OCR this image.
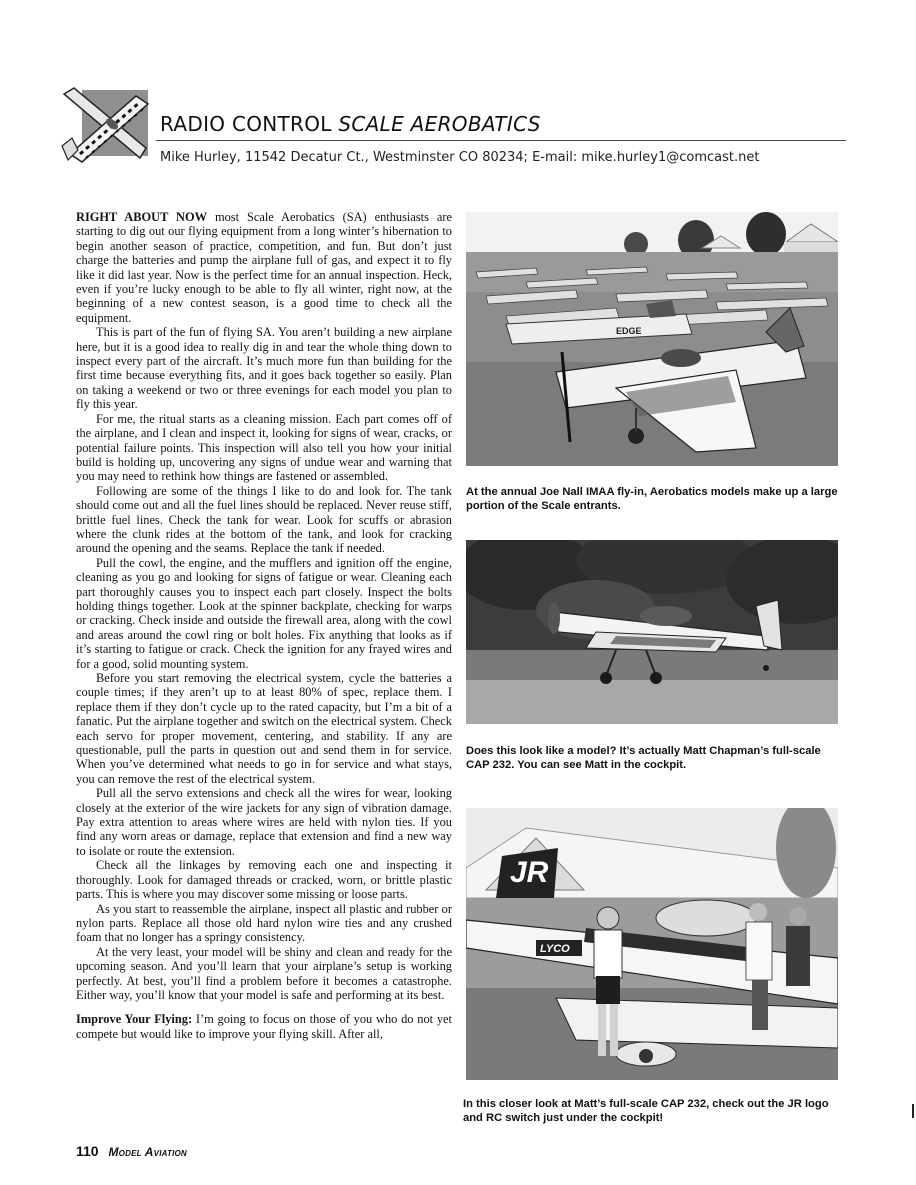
RADIO CONTROL SCALE AEROBATICS
Mike Hurley, 11542 Decatur Ct., Westminster CO 80234; E-mail: mike.hurley1@comcast.net

RIGHT ABOUT NOW most Scale Aerobatics (SA) enthusiasts are starting to dig out our flying equipment from a long winter’s hibernation to begin another season of practice, competition, and fun. But don’t just charge the batteries and pump the airplane full of gas, and expect it to fly like it did last year. Now is the perfect time for an annual inspection. Heck, even if you’re lucky enough to be able to fly all winter, right now, at the beginning of a new contest season, is a good time to check all the equipment.

This is part of the fun of flying SA. You aren’t building a new airplane here, but it is a good idea to really dig in and tear the whole thing down to inspect every part of the aircraft. It’s much more fun than building for the first time because everything fits, and it goes back together so easily. Plan on taking a weekend or two or three evenings for each model you plan to fly this year.

For me, the ritual starts as a cleaning mission. Each part comes off of the airplane, and I clean and inspect it, looking for signs of wear, cracks, or potential failure points. This inspection will also tell you how your initial build is holding up, uncovering any signs of undue wear and warning that you may need to rethink how things are fastened or assembled.

Following are some of the things I like to do and look for. The tank should come out and all the fuel lines should be replaced. Never reuse stiff, brittle fuel lines. Check the tank for wear. Look for scuffs or abrasion where the clunk rides at the bottom of the tank, and look for cracking around the opening and the seams. Replace the tank if needed.

Pull the cowl, the engine, and the mufflers and ignition off the engine, cleaning as you go and looking for signs of fatigue or wear. Cleaning each part thoroughly causes you to inspect each part closely. Inspect the bolts holding things together. Look at the spinner backplate, checking for warps or cracking. Check inside and outside the firewall area, along with the cowl and areas around the cowl ring or bolt holes. Fix anything that looks as if it’s starting to fatigue or crack. Check the ignition for any frayed wires and for a good, solid mounting system.

Before you start removing the electrical system, cycle the batteries a couple times; if they aren’t up to at least 80% of spec, replace them. I replace them if they don’t cycle up to the rated capacity, but I’m a bit of a fanatic. Put the airplane together and switch on the electrical system. Check each servo for proper movement, centering, and stability. If any are questionable, pull the parts in question out and send them in for service. When you’ve determined what needs to go in for service and what stays, you can remove the rest of the electrical system.

Pull all the servo extensions and check all the wires for wear, looking closely at the exterior of the wire jackets for any sign of vibration damage. Pay extra attention to areas where wires are held with nylon ties. If you find any worn areas or damage, replace that extension and find a new way to isolate or route the extension.

Check all the linkages by removing each one and inspecting it thoroughly. Look for damaged threads or cracked, worn, or brittle plastic parts. This is where you may discover some missing or loose parts.

As you start to reassemble the airplane, inspect all plastic and rubber or nylon parts. Replace all those old hard nylon wire ties and any crushed foam that no longer has a springy consistency.

At the very least, your model will be shiny and clean and ready for the upcoming season. And you’ll learn that your airplane’s setup is working perfectly. At best, you’ll find a problem before it becomes a catastrophe. Either way, you’ll know that your model is safe and performing at its best.

Improve Your Flying: I’m going to focus on those of you who do not yet compete but would like to improve your flying skill. After all,

EDGE
At the annual Joe Nall IMAA fly-in, Aerobatics models make up a large portion of the Scale entrants.
Does this look like a model? It’s actually Matt Chapman’s full-scale CAP 232. You can see Matt in the cockpit.
JR
LYCO
In this closer look at Matt’s full-scale CAP 232, check out the JR logo and RC switch just under the cockpit!
110 Model Aviation
